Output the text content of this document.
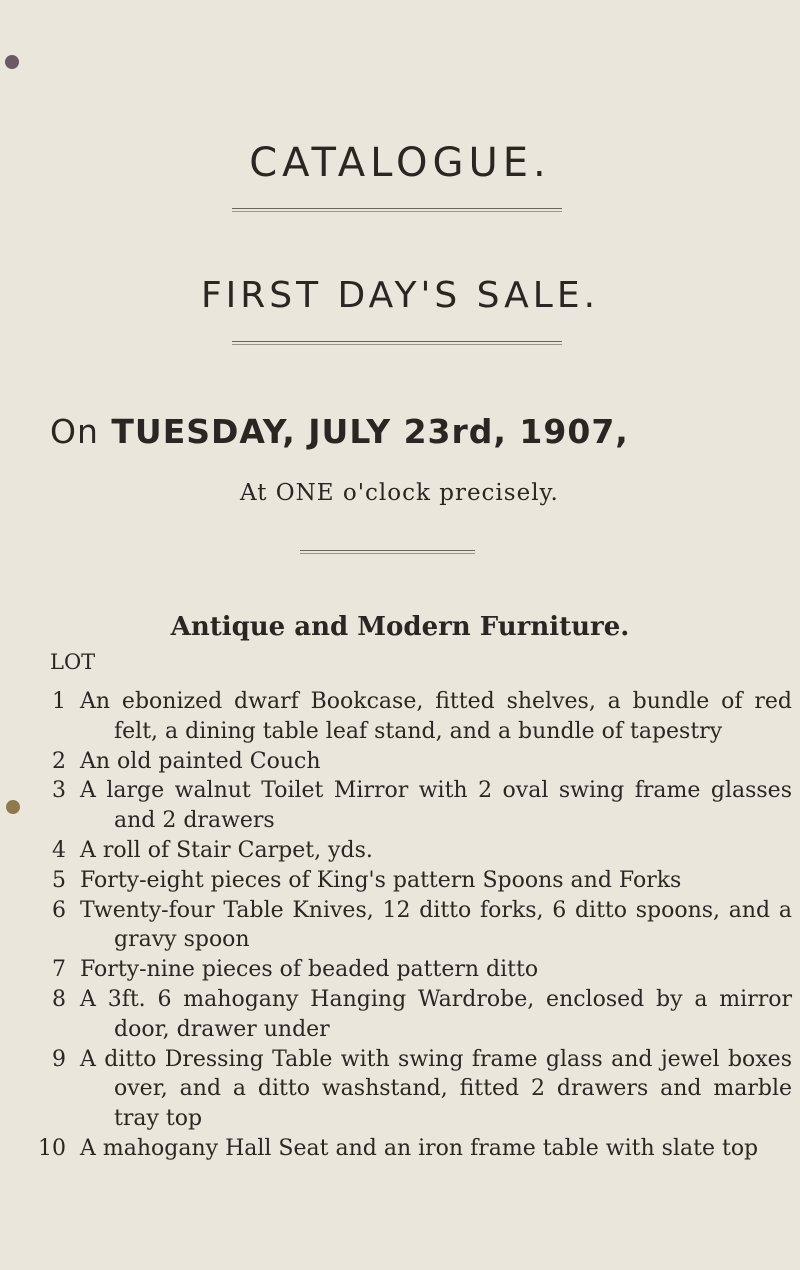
CATALOGUE.
FIRST DAY'S SALE.
On TUESDAY, JULY 23rd, 1907,
At ONE o'clock precisely.
Antique and Modern Furniture.
LOT
1 An ebonized dwarf Bookcase, fitted shelves, a bundle of red felt, a dining table leaf stand, and a bundle of tapestry
2 An old painted Couch
3 A large walnut Toilet Mirror with 2 oval swing frame glasses and 2 drawers
4 A roll of Stair Carpet, yds.
5 Forty-eight pieces of King's pattern Spoons and Forks
6 Twenty-four Table Knives, 12 ditto forks, 6 ditto spoons, and a gravy spoon
7 Forty-nine pieces of beaded pattern ditto
8 A 3ft. 6 mahogany Hanging Wardrobe, enclosed by a mirror door, drawer under
9 A ditto Dressing Table with swing frame glass and jewel boxes over, and a ditto washstand, fitted 2 drawers and marble tray top
10 A mahogany Hall Seat and an iron frame table with slate top
